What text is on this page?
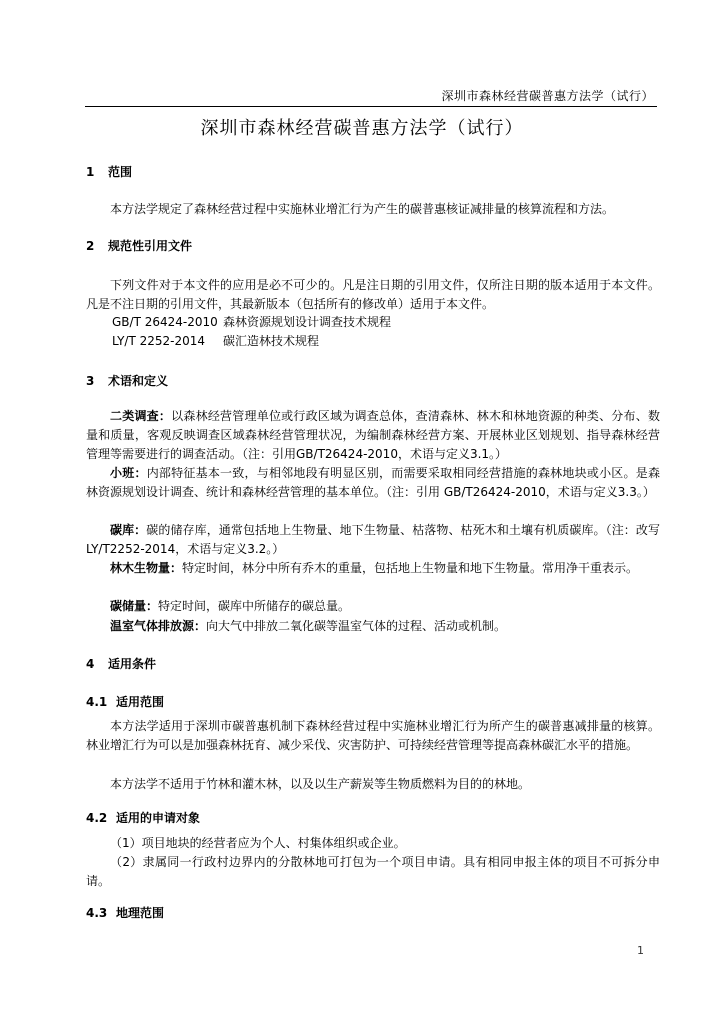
深圳市森林经营碳普惠方法学（试行）
深圳市森林经营碳普惠方法学（试行）
1 范围
本方法学规定了森林经营过程中实施林业增汇行为产生的碳普惠核证减排量的核算流程和方法。
2 规范性引用文件
下列文件对于本文件的应用是必不可少的。凡是注日期的引用文件，仅所注日期的版本适用于本文件。凡是不注日期的引用文件，其最新版本（包括所有的修改单）适用于本文件。
GB/T 26424-2010 森林资源规划设计调查技术规程
LY/T 2252-2014 碳汇造林技术规程
3 术语和定义
二类调查：以森林经营管理单位或行政区域为调查总体，查清森林、林木和林地资源的种类、分布、数量和质量，客观反映调查区域森林经营管理状况，为编制森林经营方案、开展林业区划规划、指导森林经营管理等需要进行的调查活动。（注：引用GB/T26424-2010，术语与定义3.1。）
小班：内部特征基本一致，与相邻地段有明显区别，而需要采取相同经营措施的森林地块或小区。是森林资源规划设计调查、统计和森林经营管理的基本单位。（注：引用 GB/T26424-2010，术语与定义3.3。）
碳库：碳的储存库，通常包括地上生物量、地下生物量、枯落物、枯死木和土壤有机质碳库。（注：改写LY/T2252-2014，术语与定义3.2。）
林木生物量：特定时间，林分中所有乔木的重量，包括地上生物量和地下生物量。常用净干重表示。
碳储量：特定时间，碳库中所储存的碳总量。
温室气体排放源：向大气中排放二氧化碳等温室气体的过程、活动或机制。
4 适用条件
4.1 适用范围
本方法学适用于深圳市碳普惠机制下森林经营过程中实施林业增汇行为所产生的碳普惠减排量的核算。林业增汇行为可以是加强森林抚育、减少采伐、灾害防护、可持续经营管理等提高森林碳汇水平的措施。
本方法学不适用于竹林和灌木林，以及以生产薪炭等生物质燃料为目的的林地。
4.2 适用的申请对象
（1）项目地块的经营者应为个人、村集体组织或企业。
（2）隶属同一行政村边界内的分散林地可打包为一个项目申请。具有相同申报主体的项目不可拆分申请。
4.3 地理范围
1
